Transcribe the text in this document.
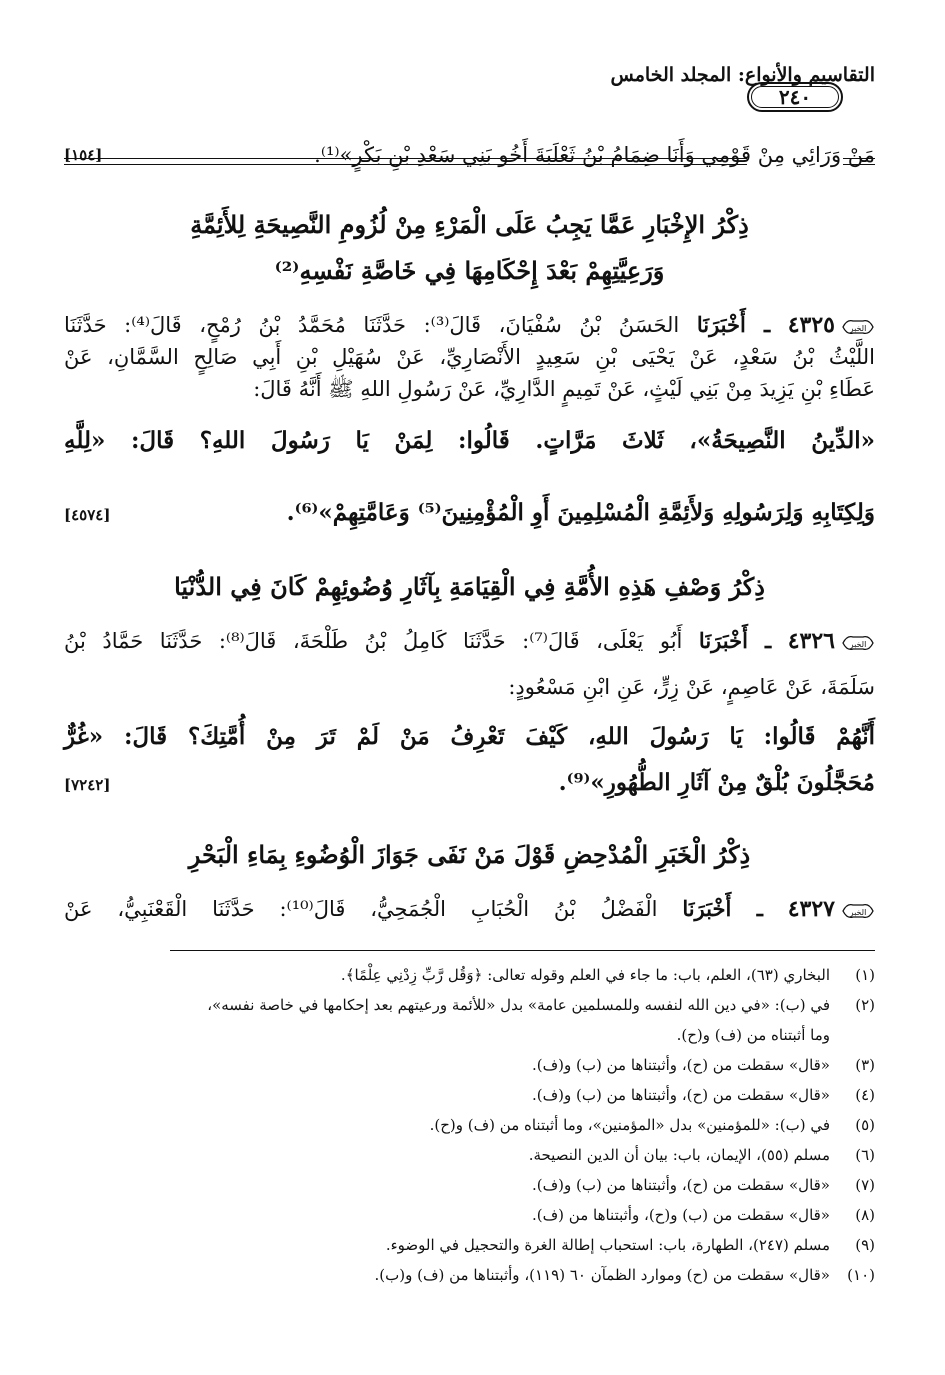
التقاسيم والأنواع: المجلد الخامس
٢٤٠
مَنْ وَرَائِي مِنْ قَوْمِي وَأَنَا ضِمَامُ بْنُ ثَعْلَبَةَ أَخُو بَنِي سَعْدِ بْنِ بَكْرٍ»⁽¹⁾.
[١٥٤]
ذِكْرُ الإِخْبَارِ عَمَّا يَجِبُ عَلَى الْمَرْءِ مِنْ لُزُومِ النَّصِيحَةِ لِلأَئِمَّةِ
وَرَعِيَّتِهِمْ بَعْدَ إِحْكَامِهَا فِي خَاصَّةِ نَفْسِهِ⁽²⁾
الخبر
٤٣٢٥ ـ أَخْبَرَنَا الحَسَنُ بْنُ سُفْيَانَ، قَالَ⁽³⁾: حَدَّثَنَا مُحَمَّدُ بْنُ رُمْحٍ، قَالَ⁽⁴⁾: حَدَّثَنَا
اللَّيْثُ بْنُ سَعْدٍ، عَنْ يَحْيَى بْنِ سَعِيدٍ الأَنْصَارِيِّ، عَنْ سُهَيْلِ بْنِ أَبِي صَالِحٍ السَّمَّانِ، عَنْ
عَطَاءِ بْنِ يَزِيدَ مِنْ بَنِي لَيْثٍ، عَنْ تَمِيمٍ الدَّارِيِّ، عَنْ رَسُولِ اللهِ ﷺ أَنَّهُ قَالَ:
«الدِّينُ النَّصِيحَةُ»، ثَلاثَ مَرَّاتٍ. قَالُوا: لِمَنْ يَا رَسُولَ اللهِ؟ قَالَ: «لِلَّهِ
وَلِكِتَابِهِ وَلِرَسُولِهِ وَلأَئِمَّةِ الْمُسْلِمِينَ أَوِ الْمُؤْمِنِينَ⁽⁵⁾ وَعَامَّتِهِمْ»⁽⁶⁾.
[٤٥٧٤]
ذِكْرُ وَصْفِ هَذِهِ الأُمَّةِ فِي الْقِيَامَةِ بِآثَارِ وُضُوئِهِمْ كَانَ فِي الدُّنْيَا
الخبر
٤٣٢٦ ـ أَخْبَرَنَا أَبُو يَعْلَى، قَالَ⁽⁷⁾: حَدَّثَنَا كَامِلُ بْنُ طَلْحَةَ، قَالَ⁽⁸⁾: حَدَّثَنَا حَمَّادُ بْنُ
سَلَمَةَ، عَنْ عَاصِمٍ، عَنْ زِرٍّ، عَنِ ابْنِ مَسْعُودٍ:
أَنَّهُمْ قَالُوا: يَا رَسُولَ اللهِ، كَيْفَ تَعْرِفُ مَنْ لَمْ تَرَ مِنْ أُمَّتِكَ؟ قَالَ: «غُرٌّ
مُحَجَّلُونَ بُلْقٌ مِنْ آثَارِ الطُّهُورِ»⁽⁹⁾.
[٧٢٤٢]
ذِكْرُ الْخَبَرِ الْمُدْحِضِ قَوْلَ مَنْ نَفَى جَوَازَ الْوُضُوءِ بِمَاءِ الْبَحْرِ
الخبر
٤٣٢٧ ـ أَخْبَرَنَا الْفَضْلُ بْنُ الْحُبَابِ الْجُمَحِيُّ، قَالَ⁽¹⁰⁾: حَدَّثَنَا الْقَعْنَبِيُّ، عَنْ
(١)
البخاري (٦٣)، العلم، باب: ما جاء في العلم وقوله تعالى: ﴿وَقُل رَّبِّ زِدْنِي عِلْمًا﴾.
(٢)
في (ب): «في دين الله لنفسه وللمسلمين عامة» بدل «للأئمة ورعيتهم بعد إحكامها في خاصة نفسه»،
وما أثبتناه من (ف) و(ح).
(٣)
«قال» سقطت من (ح)، وأثبتناها من (ب) و(ف).
(٤)
«قال» سقطت من (ح)، وأثبتناها من (ب) و(ف).
(٥)
في (ب): «للمؤمنين» بدل «المؤمنين»، وما أثبتناه من (ف) و(ح).
(٦)
مسلم (٥٥)، الإيمان، باب: بيان أن الدين النصيحة.
(٧)
«قال» سقطت من (ح)، وأثبتناها من (ب) و(ف).
(٨)
«قال» سقطت من (ب) و(ح)، وأثبتناها من (ف).
(٩)
مسلم (٢٤٧)، الطهارة، باب: استحباب إطالة الغرة والتحجيل في الوضوء.
(١٠)
«قال» سقطت من (ح) وموارد الظمآن ٦٠ (١١٩)، وأثبتناها من (ف) و(ب).
